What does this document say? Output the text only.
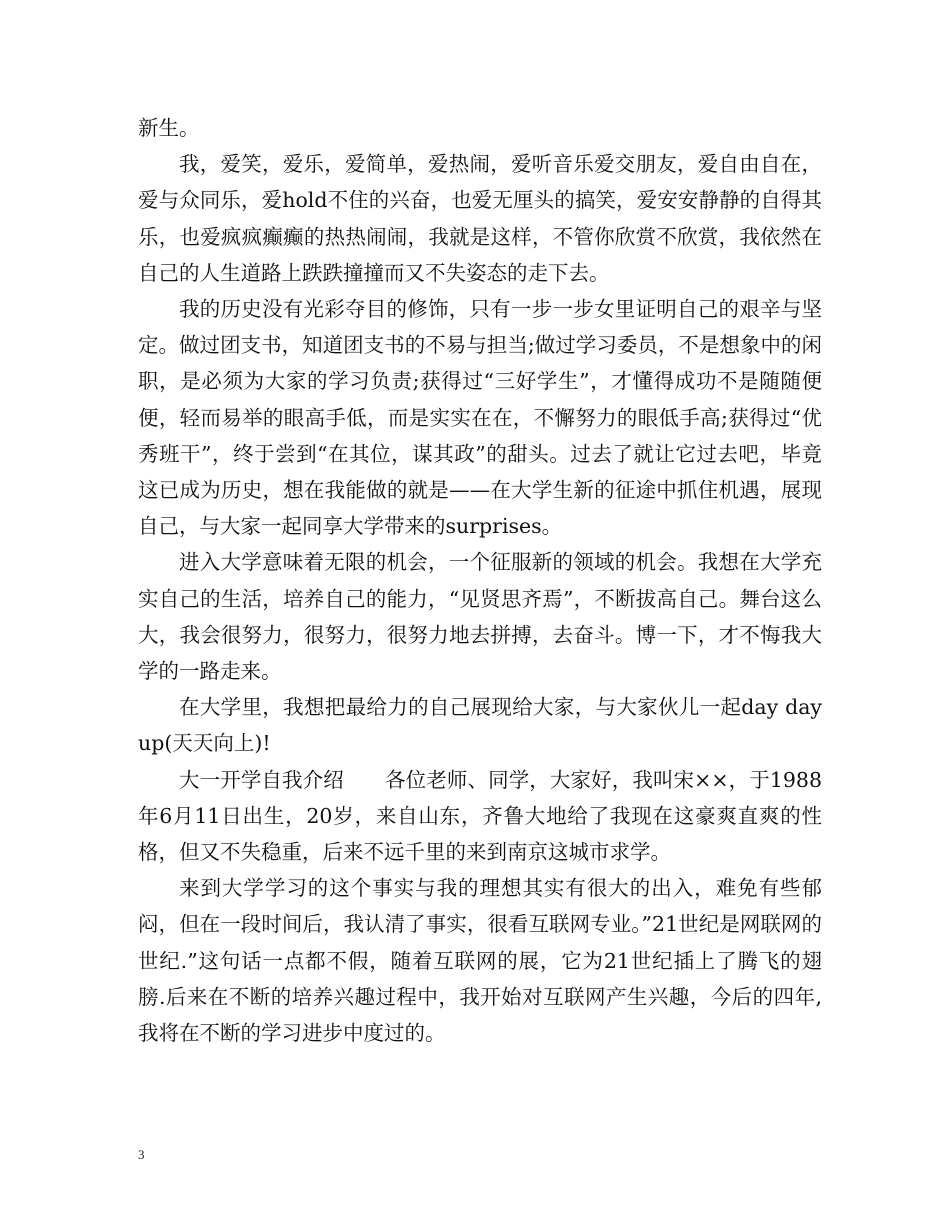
新生。

我，爱笑，爱乐，爱简单，爱热闹，爱听音乐爱交朋友，爱自由自在，爱与众同乐，爱hold不住的兴奋，也爱无厘头的搞笑，爱安安静静的自得其乐，也爱疯疯癫癫的热热闹闹，我就是这样，不管你欣赏不欣赏，我依然在自己的人生道路上跌跌撞撞而又不失姿态的走下去。

我的历史没有光彩夺目的修饰，只有一步一步女里证明自己的艰辛与坚定。做过团支书，知道团支书的不易与担当;做过学习委员，不是想象中的闲职，是必须为大家的学习负责;获得过“三好学生”，才懂得成功不是随随便便，轻而易举的眼高手低，而是实实在在，不懈努力的眼低手高;获得过“优秀班干”，终于尝到“在其位，谋其政”的甜头。过去了就让它过去吧，毕竟这已成为历史，想在我能做的就是——在大学生新的征途中抓住机遇，展现自己，与大家一起同享大学带来的surprises。

进入大学意味着无限的机会，一个征服新的领域的机会。我想在大学充实自己的生活，培养自己的能力，“见贤思齐焉”，不断拔高自己。舞台这么大，我会很努力，很努力，很努力地去拼搏，去奋斗。博一下，才不悔我大学的一路走来。

在大学里，我想把最给力的自己展现给大家，与大家伙儿一起day day up(天天向上)!

大一开学自我介绍　　各位老师、同学，大家好，我叫宋××，于1988年6月11日出生，20岁，来自山东，齐鲁大地给了我现在这豪爽直爽的性格，但又不失稳重，后来不远千里的来到南京这城市求学。

来到大学学习的这个事实与我的理想其实有很大的出入，难免有些郁闷，但在一段时间后，我认清了事实，很看互联网专业。”21世纪是网联网的世纪.”这句话一点都不假，随着互联网的展，它为21世纪插上了腾飞的翅膀.后来在不断的培养兴趣过程中，我开始对互联网产生兴趣，今后的四年,我将在不断的学习进步中度过的。

3
